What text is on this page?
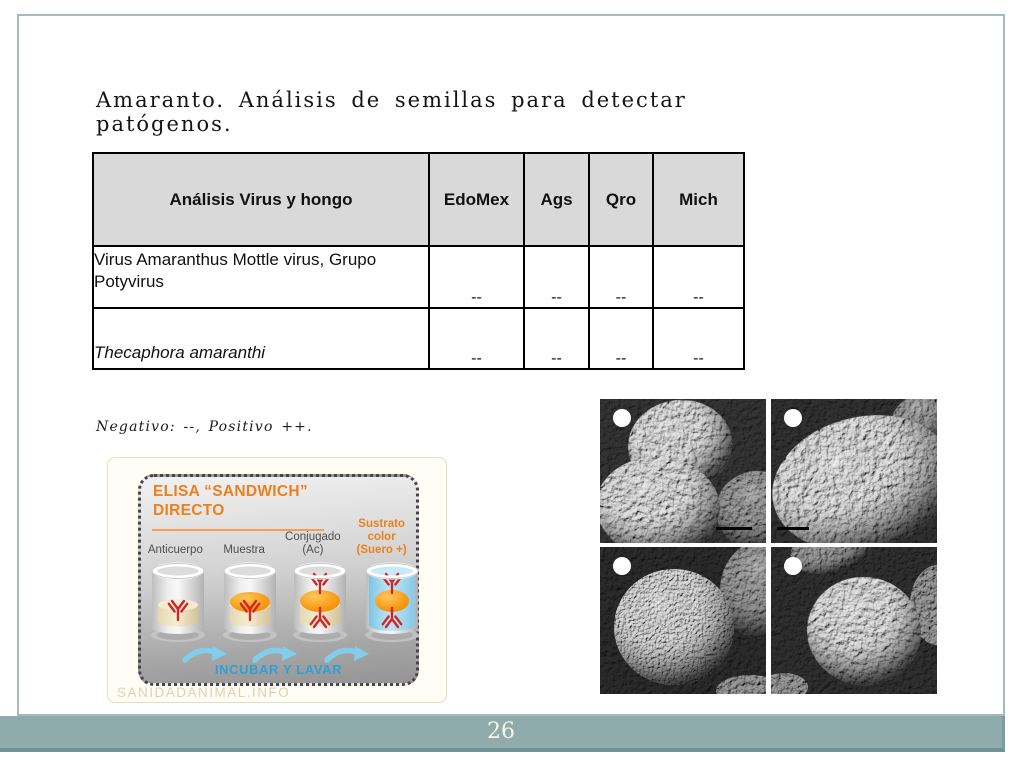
Amaranto. Análisis de semillas para detectar patógenos.
Análisis Virus y hongo	EdoMex	Ags	Qro	Mich
Virus Amaranthus Mottle virus, Grupo Potyvirus	--	--	--	--
Thecaphora amaranthi	--	--	--	--
Negativo: --, Positivo ++.
ELISA “SANDWICH”
DIRECTO
Anticuerpo	Muestra
Conjugado
(Ac)
Sustrato
color
(Suero +)
INCUBAR Y LAVAR
SANIDADANIMAL.INFO
26
